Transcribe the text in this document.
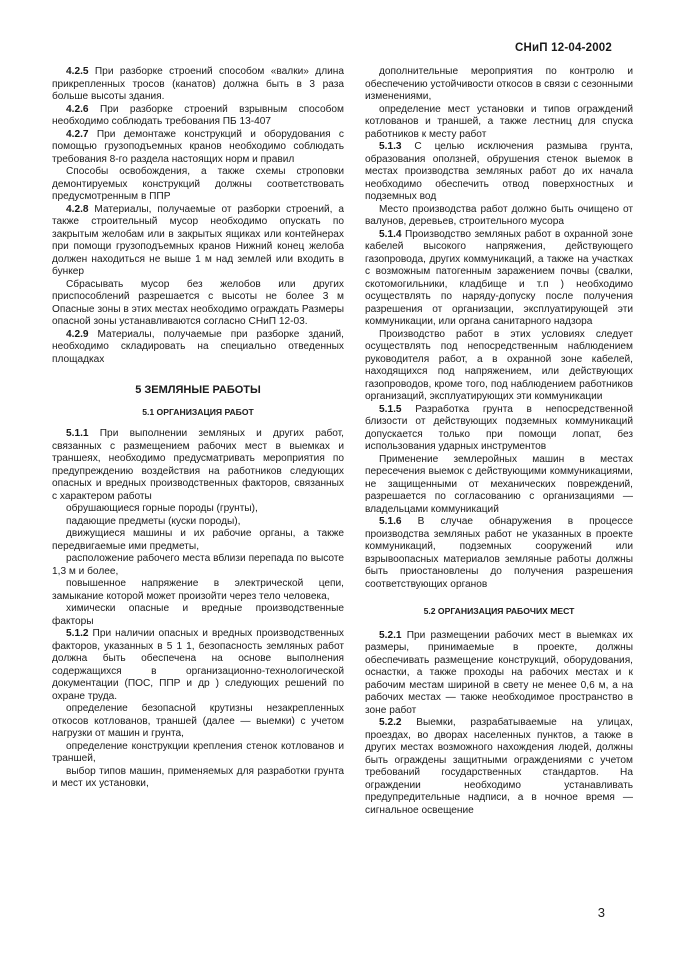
СНиП 12-04-2002

4.2.5 При разборке строений способом «валки» длина прикрепленных тросов (канатов) должна быть в 3 раза больше высоты здания.

4.2.6 При разборке строений взрывным способом необходимо соблюдать требования ПБ 13-407

4.2.7 При демонтаже конструкций и оборудования с помощью грузоподъемных кранов необходимо соблюдать требования 8-го раздела настоящих норм и правил

Способы освобождения, а также схемы строповки демонтируемых конструкций должны соответствовать предусмотренным в ППР

4.2.8 Материалы, получаемые от разборки строений, а также строительный мусор необходимо опускать по закрытым желобам или в закрытых ящиках или контейнерах при помощи грузоподъемных кранов Нижний конец желоба должен находиться не выше 1 м над землей или входить в бункер

Сбрасывать мусор без желобов или других приспособлений разрешается с высоты не более 3 м Опасные зоны в этих местах необходимо ограждать Размеры опасной зоны устанавливаются согласно СНиП 12-03.

4.2.9 Материалы, получаемые при разборке зданий, необходимо складировать на специально отведенных площадках

5 ЗЕМЛЯНЫЕ РАБОТЫ
5.1 ОРГАНИЗАЦИЯ РАБОТ

5.1.1 При выполнении земляных и других работ, связанных с размещением рабочих мест в выемках и траншеях, необходимо предусматривать мероприятия по предупреждению воздействия на работников следующих опасных и вредных производственных факторов, связанных с характером работы

обрушающиеся горные породы (грунты),

падающие предметы (куски породы),

движущиеся машины и их рабочие органы, а также передвигаемые ими предметы,

расположение рабочего места вблизи перепада по высоте 1,3 м и более,

повышенное напряжение в электрической цепи, замыкание которой может произойти через тело человека,

химически опасные и вредные производственные факторы

5.1.2 При наличии опасных и вредных производственных факторов, указанных в 5 1 1, безопасность земляных работ должна быть обеспечена на основе выполнения содержащихся в организационно-технологической документации (ПОС, ППР и др ) следующих решений по охране труда.

определение безопасной крутизны незакрепленных откосов котлованов, траншей (далее — выемки) с учетом нагрузки от машин и грунта,

определение конструкции крепления стенок котлованов и траншей,

выбор типов машин, применяемых для разработки грунта и мест их установки,

дополнительные мероприятия по контролю и обеспечению устойчивости откосов в связи с сезонными изменениями,

определение мест установки и типов ограждений котлованов и траншей, а также лестниц для спуска работников к месту работ

5.1.3 С целью исключения размыва грунта, образования оползней, обрушения стенок выемок в местах производства земляных работ до их начала необходимо обеспечить отвод поверхностных и подземных вод

Место производства работ должно быть очищено от валунов, деревьев, строительного мусора

5.1.4 Производство земляных работ в охранной зоне кабелей высокого напряжения, действующего газопровода, других коммуникаций, а также на участках с возможным патогенным заражением почвы (свалки, скотомогильники, кладбище и т.п ) необходимо осуществлять по наряду-допуску после получения разрешения от организации, эксплуатирующей эти коммуникации, или органа санитарного надзора

Производство работ в этих условиях следует осуществлять под непосредственным наблюдением руководителя работ, а в охранной зоне кабелей, находящихся под напряжением, или действующих газопроводов, кроме того, под наблюдением работников организаций, эксплуатирующих эти коммуникации

5.1.5 Разработка грунта в непосредственной близости от действующих подземных коммуникаций допускается только при помощи лопат, без использования ударных инструментов

Применение землеройных машин в местах пересечения выемок с действующими коммуникациями, не защищенными от механических повреждений, разрешается по согласованию с организациями — владельцами коммуникаций

5.1.6 В случае обнаружения в процессе производства земляных работ не указанных в проекте коммуникаций, подземных сооружений или взрывоопасных материалов земляные работы должны быть приостановлены до получения разрешения соответствующих органов

5.2 ОРГАНИЗАЦИЯ РАБОЧИХ МЕСТ

5.2.1 При размещении рабочих мест в выемках их размеры, принимаемые в проекте, должны обеспечивать размещение конструкций, оборудования, оснастки, а также проходы на рабочих местах и к рабочим местам шириной в свету не менее 0,6 м, а на рабочих местах — также необходимое пространство в зоне работ

5.2.2 Выемки, разрабатываемые на улицах, проездах, во дворах населенных пунктов, а также в других местах возможного нахождения людей, должны быть ограждены защитными ограждениями с учетом требований государственных стандартов. На ограждении необходимо устанавливать предупредительные надписи, а в ночное время — сигнальное освещение

3
